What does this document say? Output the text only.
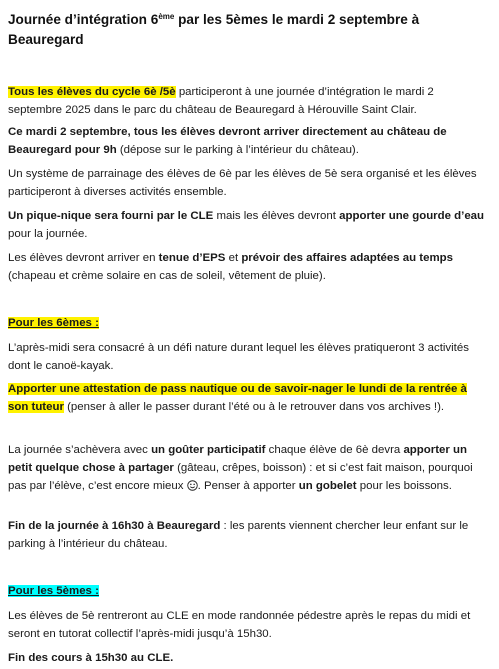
Journée d’intégration 6ème par les 5èmes le mardi 2 septembre à Beauregard

Tous les élèves du cycle 6è /5è participeront à une journée d’intégration le mardi 2 septembre 2025 dans le parc du château de Beauregard à Hérouville Saint Clair.

Ce mardi 2 septembre, tous les élèves devront arriver directement au château de Beauregard pour 9h (dépose sur le parking à l’intérieur du château).

Un système de parrainage des élèves de 6è par les élèves de 5è sera organisé et les élèves participeront à diverses activités ensemble.

Un pique-nique sera fourni par le CLE mais les élèves devront apporter une gourde d’eau pour la journée.

Les élèves devront arriver en tenue d’EPS et prévoir des affaires adaptées au temps (chapeau et crème solaire en cas de soleil, vêtement de pluie).

Pour les 6èmes :

L’après-midi sera consacré à un défi nature durant lequel les élèves pratiqueront 3 activités dont le canoë-kayak.

Apporter une attestation de pass nautique ou de savoir-nager le lundi de la rentrée à son tuteur (penser à aller le passer durant l’été ou à le retrouver dans vos archives !).

La journée s’achèvera avec un goûter participatif chaque élève de 6è devra apporter un petit quelque chose à partager (gâteau, crêpes, boisson) : et si c’est fait maison, pourquoi pas par l’élève, c’est encore mieux . Penser à apporter un gobelet pour les boissons.

Fin de la journée à 16h30 à Beauregard : les parents viennent chercher leur enfant sur le parking à l’intérieur du château.

Pour les 5èmes :

Les élèves de 5è rentreront au CLE en mode randonnée pédestre après le repas du midi et seront en tutorat collectif l’après-midi jusqu’à 15h30.

Fin des cours à 15h30 au CLE.
